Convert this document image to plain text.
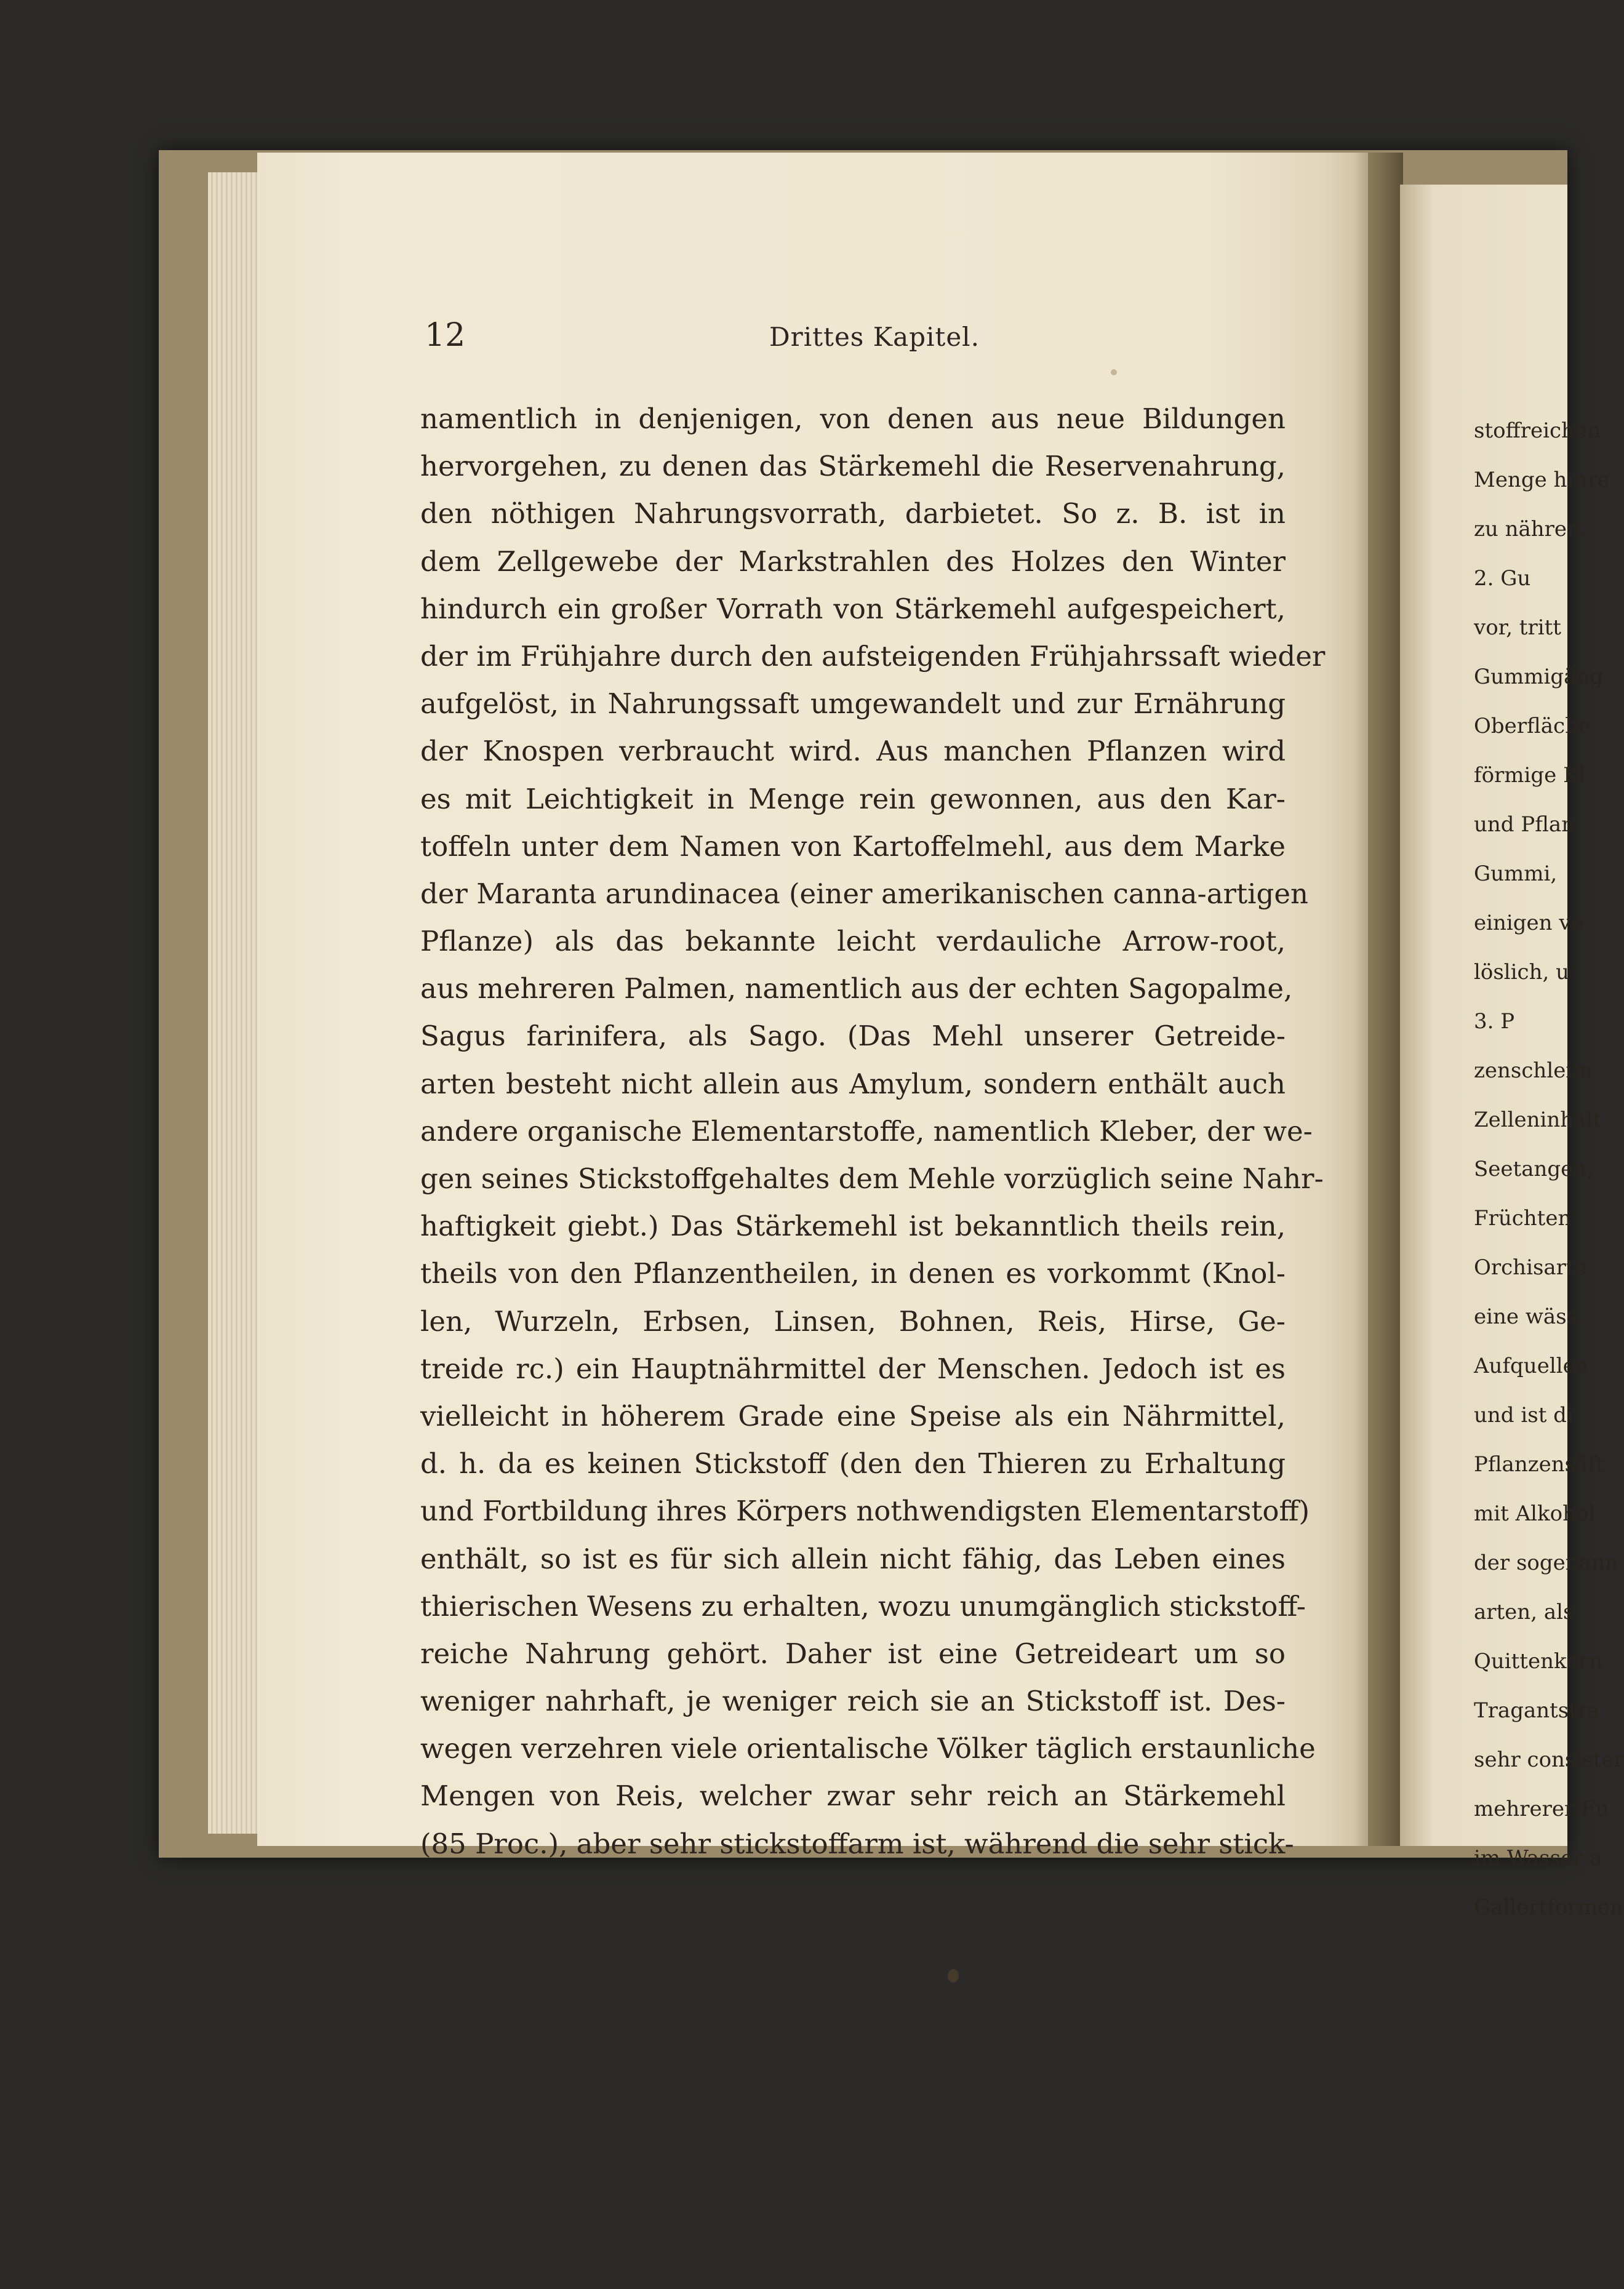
12	Drittes Kapitel.
namentlich in denjenigen, von denen aus neue Bildungen
hervorgehen, zu denen das Stärkemehl die Reservenahrung,
den nöthigen Nahrungsvorrath, darbietet. So z. B. ist in
dem Zellgewebe der Markstrahlen des Holzes den Winter
hindurch ein großer Vorrath von Stärkemehl aufgespeichert,
der im Frühjahre durch den aufsteigenden Frühjahrssaft wieder
aufgelöst, in Nahrungssaft umgewandelt und zur Ernährung
der Knospen verbraucht wird. Aus manchen Pflanzen wird
es mit Leichtigkeit in Menge rein gewonnen, aus den Kar-
toffeln unter dem Namen von Kartoffelmehl, aus dem Marke
der Maranta arundinacea (einer amerikanischen canna-artigen
Pflanze) als das bekannte leicht verdauliche Arrow-root,
aus mehreren Palmen, namentlich aus der echten Sagopalme,
Sagus farinifera, als Sago. (Das Mehl unserer Getreide-
arten besteht nicht allein aus Amylum, sondern enthält auch
andere organische Elementarstoffe, namentlich Kleber, der we-
gen seines Stickstoffgehaltes dem Mehle vorzüglich seine Nahr-
haftigkeit giebt.) Das Stärkemehl ist bekanntlich theils rein,
theils von den Pflanzentheilen, in denen es vorkommt (Knol-
len, Wurzeln, Erbsen, Linsen, Bohnen, Reis, Hirse, Ge-
treide rc.) ein Hauptnährmittel der Menschen. Jedoch ist es
vielleicht in höherem Grade eine Speise als ein Nährmittel,
d. h. da es keinen Stickstoff (den den Thieren zu Erhaltung
und Fortbildung ihres Körpers nothwendigsten Elementarstoff)
enthält, so ist es für sich allein nicht fähig, das Leben eines
thierischen Wesens zu erhalten, wozu unumgänglich stickstoff-
reiche Nahrung gehört. Daher ist eine Getreideart um so
weniger nahrhaft, je weniger reich sie an Stickstoff ist. Des-
wegen verzehren viele orientalische Völker täglich erstaunliche
Mengen von Reis, welcher zwar sehr reich an Stärkemehl
(85 Proc.), aber sehr stickstoffarm ist, während die sehr stick-
stoffreichen
Menge hinre
zu nähren.
2. Gu
vor, tritt
Gummigäng
Oberfläche
förmige Kl
und Pflan
Gummi,
einigen ve
löslich, u
3. P
zenschleim
Zelleninhalt
Seetangen,
Früchten
Orchisarte
eine wäss
Aufquellen
und ist di
Pflanzensäft
mit Alkohol
der sogenann
arten, als
Quittenkern
Tragantstra
sehr consister
mehrerer Fu
im Wasser a
Gallertformen
